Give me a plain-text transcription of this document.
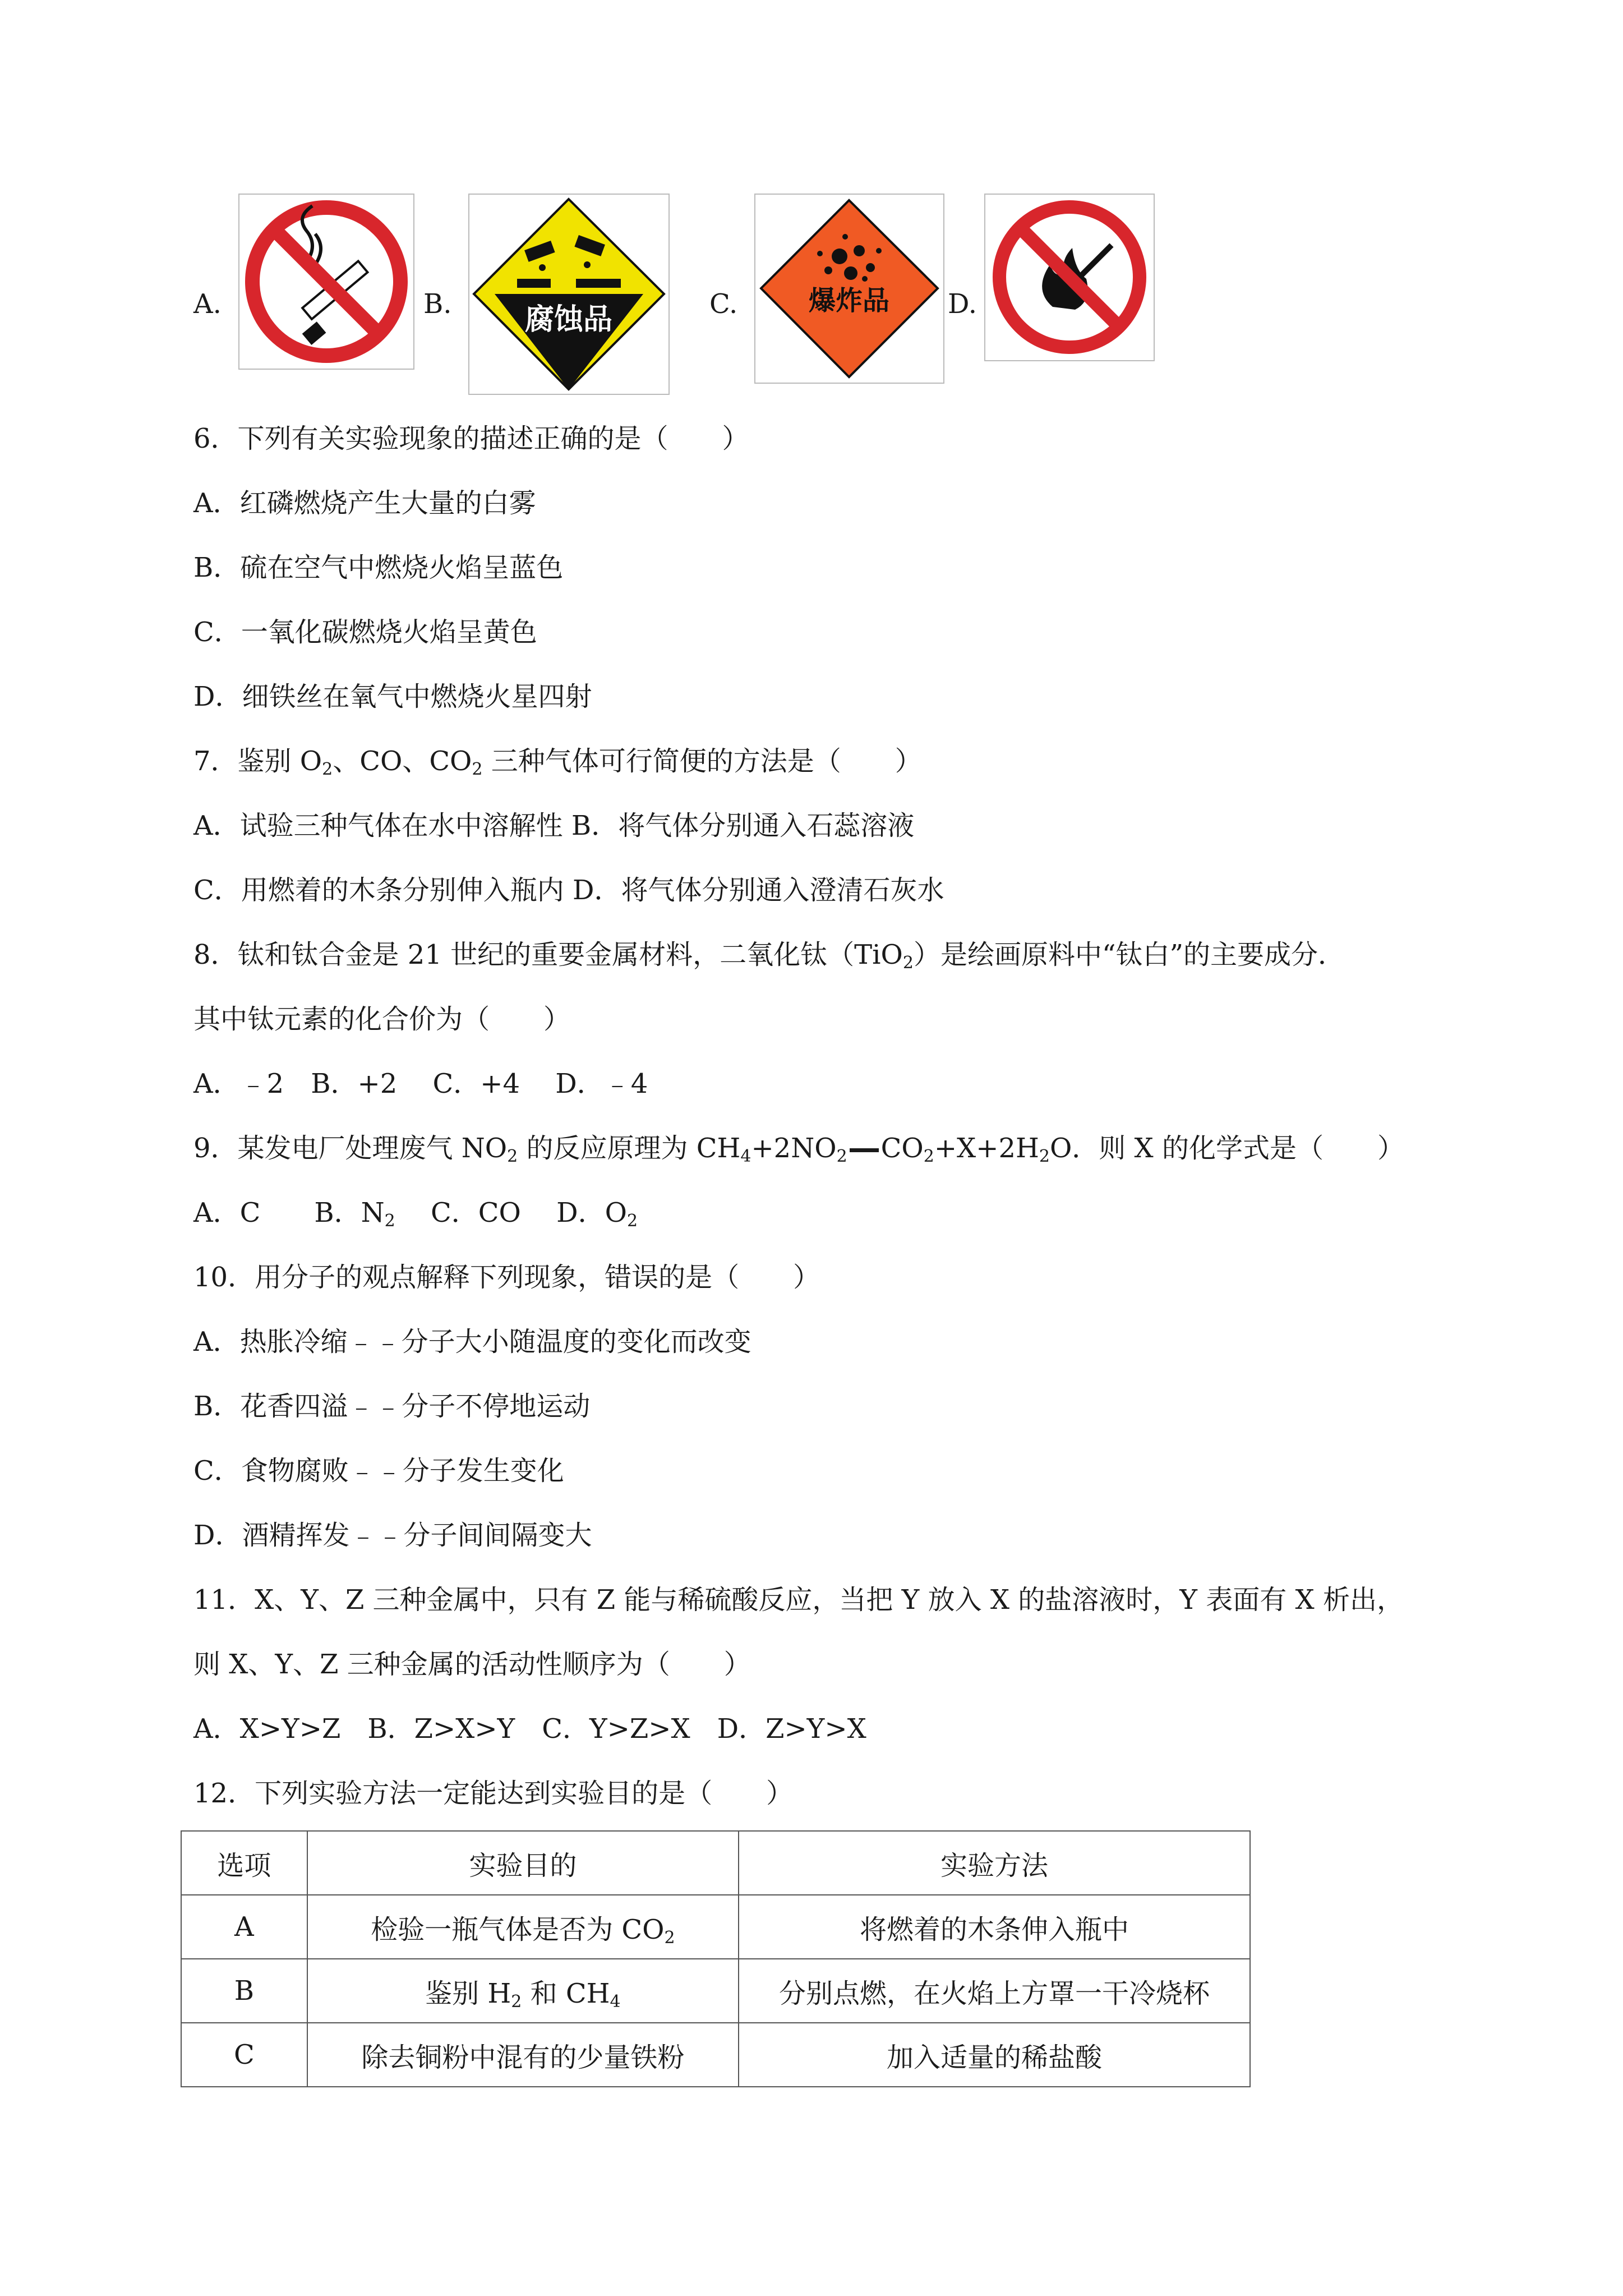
A.	B.	腐蚀品	C.	爆炸品 D.
6．下列有关实验现象的描述正确的是（　　）
A．红磷燃烧产生大量的白雾
B．硫在空气中燃烧火焰呈蓝色
C．一氧化碳燃烧火焰呈黄色
D．细铁丝在氧气中燃烧火星四射
7．鉴别 $O_2$、CO、$CO_2$ 三种气体可行简便的方法是（　　）
A．试验三种气体在水中溶解性 B．将气体分别通入石蕊溶液
C．用燃着的木条分别伸入瓶内 D．将气体分别通入澄清石灰水
8．钛和钛合金是 21 世纪的重要金属材料，二氧化钛（TiO$_2$）是绘画原料中“钛白”的主要成分．
其中钛元素的化合价为（　　）
A．﹣2　B．+2　 C．+4　 D．﹣4
9．某发电厂处理废气 $NO_2$ 的反应原理为 $CH_4+2NO_2$ $CO_2+X+2H_2O$．则 X 的化学式是（　　）
A．C　　B．$N_2$　 C．CO　 D．$O_2$
10．用分子的观点解释下列现象，错误的是（　　）
A．热胀冷缩﹣﹣分子大小随温度的变化而改变
B．花香四溢﹣﹣分子不停地运动
C．食物腐败﹣﹣分子发生变化
D．酒精挥发﹣﹣分子间间隔变大
11．X、Y、Z 三种金属中，只有 Z 能与稀硫酸反应，当把 Y 放入 X 的盐溶液时，Y 表面有 X 析出，
则 X、Y、Z 三种金属的活动性顺序为（　　）
A．X>Y>Z　B．Z>X>Y　C．Y>Z>X　D．Z>Y>X
12．下列实验方法一定能达到实验目的是（　　）
选项	实验目的	实验方法
A	检验一瓶气体是否为 $CO_2$	将燃着的木条伸入瓶中
B	鉴别 $H_2$ 和 $CH_4$	分别点燃，在火焰上方罩一干冷烧杯
C	除去铜粉中混有的少量铁粉	加入适量的稀盐酸
